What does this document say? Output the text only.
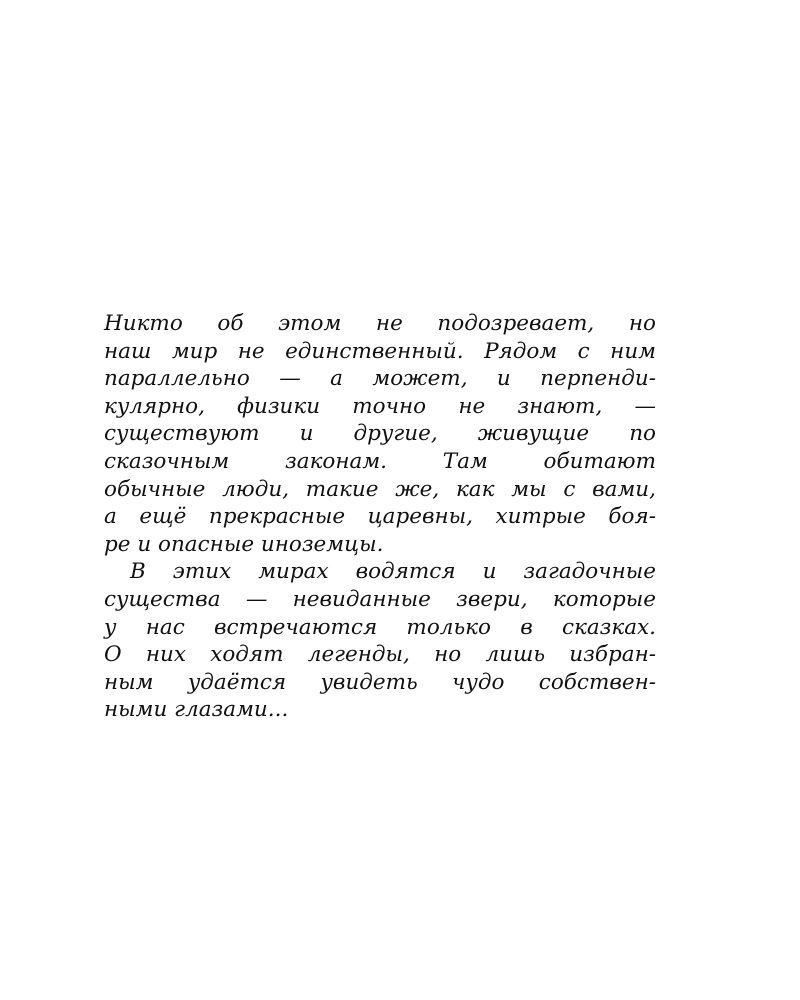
Никто об этом не подозревает, но
наш мир не единственный. Рядом с ним
параллельно — а может, и перпенди-
кулярно, физики точно не знают, —
существуют и другие, живущие по
сказочным законам. Там обитают
обычные люди, такие же, как мы с вами,
а ещё прекрасные царевны, хитрые боя-
ре и опасные иноземцы.
В этих мирах водятся и загадочные
существа — невиданные звери, которые
у нас встречаются только в сказках.
О них ходят легенды, но лишь избран-
ным удаётся увидеть чудо собствен-
ными глазами...
